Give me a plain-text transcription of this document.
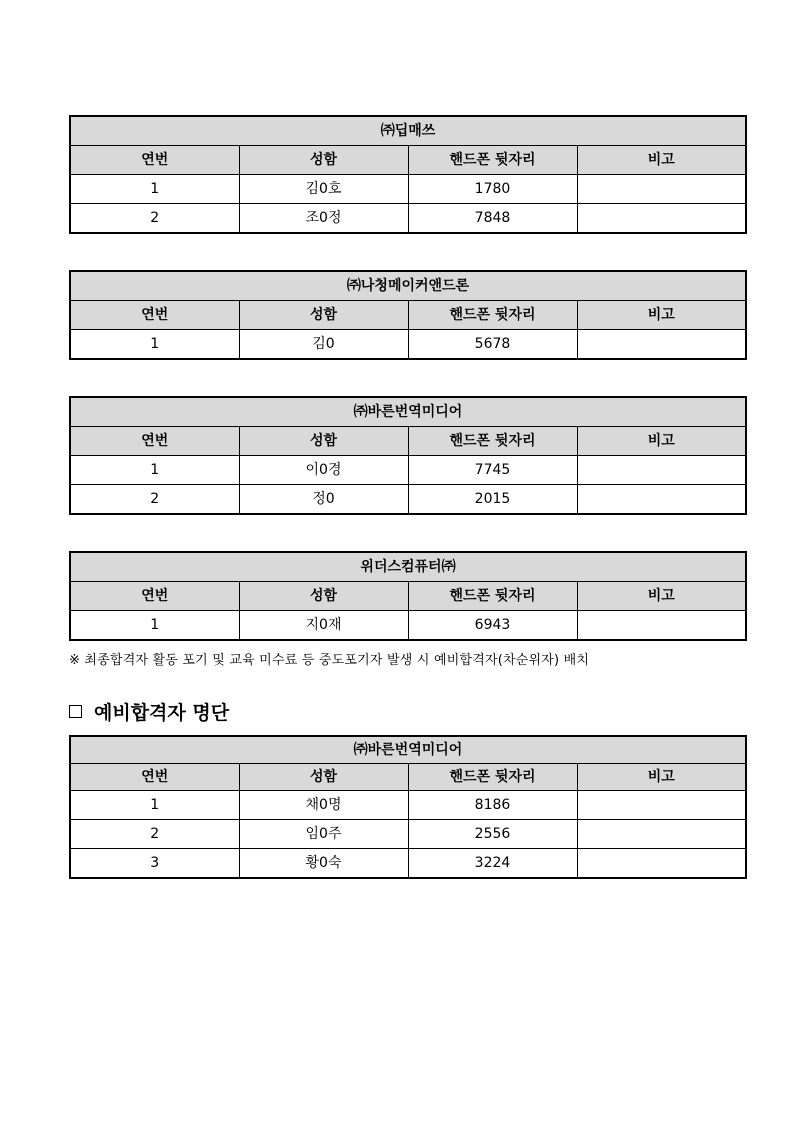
㈜딥매쓰			
연번	성함	핸드폰 뒷자리	비고
1	김0호	1780	
2	조0정	7848	
㈜나청메이커앤드론			
연번	성함	핸드폰 뒷자리	비고
1	김0	5678	
㈜바른번역미디어			
연번	성함	핸드폰 뒷자리	비고
1	이0경	7745	
2	정0	2015	
위더스컴퓨터㈜			
연번	성함	핸드폰 뒷자리	비고
1	지0재	6943	
※ 최종합격자 활동 포기 및 교육 미수료 등 중도포기자 발생 시 예비합격자(차순위자) 배치
예비합격자 명단
㈜바른번역미디어			
연번	성함	핸드폰 뒷자리	비고
1	채0명	8186	
2	임0주	2556	
3	황0숙	3224	
